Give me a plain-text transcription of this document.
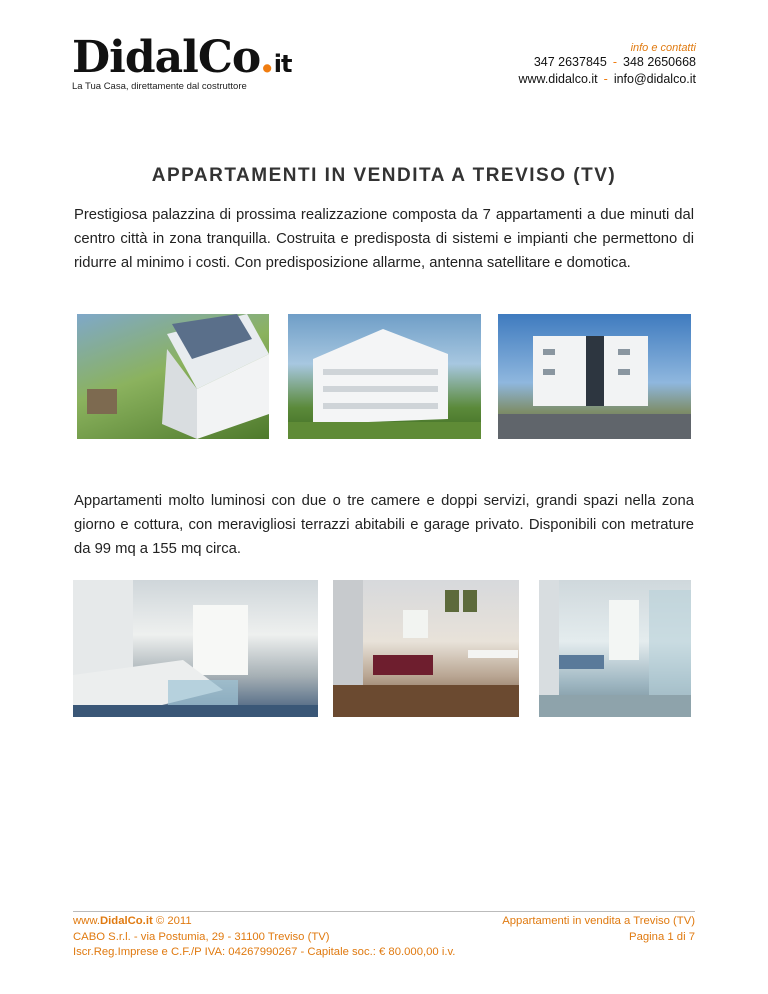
DidalCo.it
La Tua Casa, direttamente dal costruttore
info e contatti
347 2637845 - 348 2650668
www.didalco.it - info@didalco.it
APPARTAMENTI IN VENDITA A TREVISO (TV)
Prestigiosa palazzina di prossima realizzazione composta da 7 appartamenti a due minuti dal centro città in zona tranquilla. Costruita e predisposta di sistemi e impianti che permettono di ridurre al minimo i costi. Con predisposizione allarme, antenna satellitare e domotica.
Appartamenti molto luminosi con due o tre camere e doppi servizi, grandi spazi nella zona giorno e cottura, con meravigliosi terrazzi abitabili e garage privato. Disponibili con metrature da 99 mq a 155 mq circa.
www.DidalCo.it © 2011
CABO S.r.l. - via Postumia, 29 - 31100 Treviso (TV)
Iscr.Reg.Imprese e C.F./P IVA: 04267990267 - Capitale soc.: € 80.000,00 i.v.
Appartamenti in vendita a Treviso (TV)
Pagina 1 di 7
